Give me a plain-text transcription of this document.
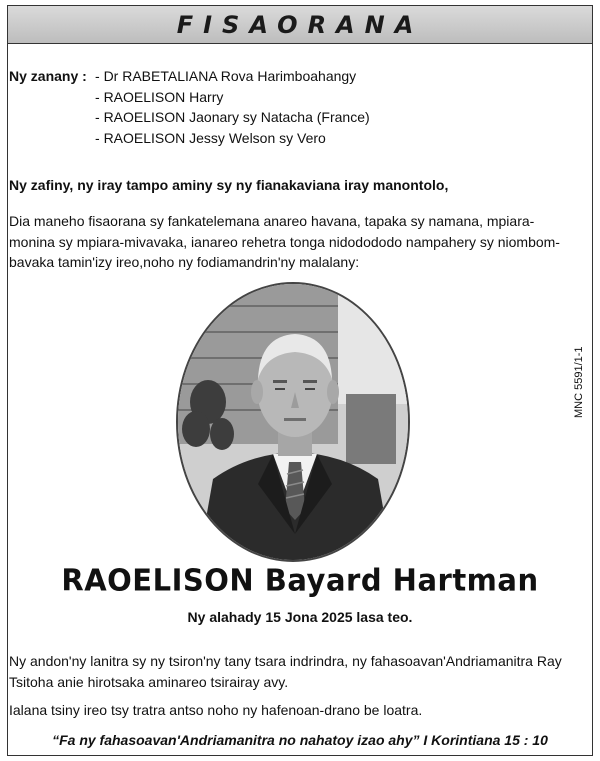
FISAORANA
Ny zanany :
-	Dr RABETALIANA Rova Harimboahangy
- RAOELISON Harry
- RAOELISON Jaonary sy Natacha (France)
- RAOELISON Jessy Welson sy Vero
Ny zafiny, ny iray tampo aminy sy ny fianakaviana iray manontolo,
Dia maneho fisaorana sy fankatelemana anareo havana, tapaka sy namana, mpiara-
monina sy mpiara-mivavaka, ianareo rehetra tonga nidodododo nampahery sy niombom-
bavaka tamin'izy ireo,noho ny fodiamandrin'ny malalany:
MNC 5591/1-1
RAOELISON Bayard Hartman
Ny alahady 15 Jona 2025 lasa teo.
Ny andon'ny lanitra sy ny tsiron'ny tany tsara indrindra, ny fahasoavan'Andriamanitra Ray
Tsitoha anie hirotsaka aminareo tsirairay avy.
Ialana tsiny ireo tsy tratra antso noho ny hafenoan-drano be loatra.
“Fa ny fahasoavan'Andriamanitra no nahatoy izao ahy” I Korintiana 15 : 10
